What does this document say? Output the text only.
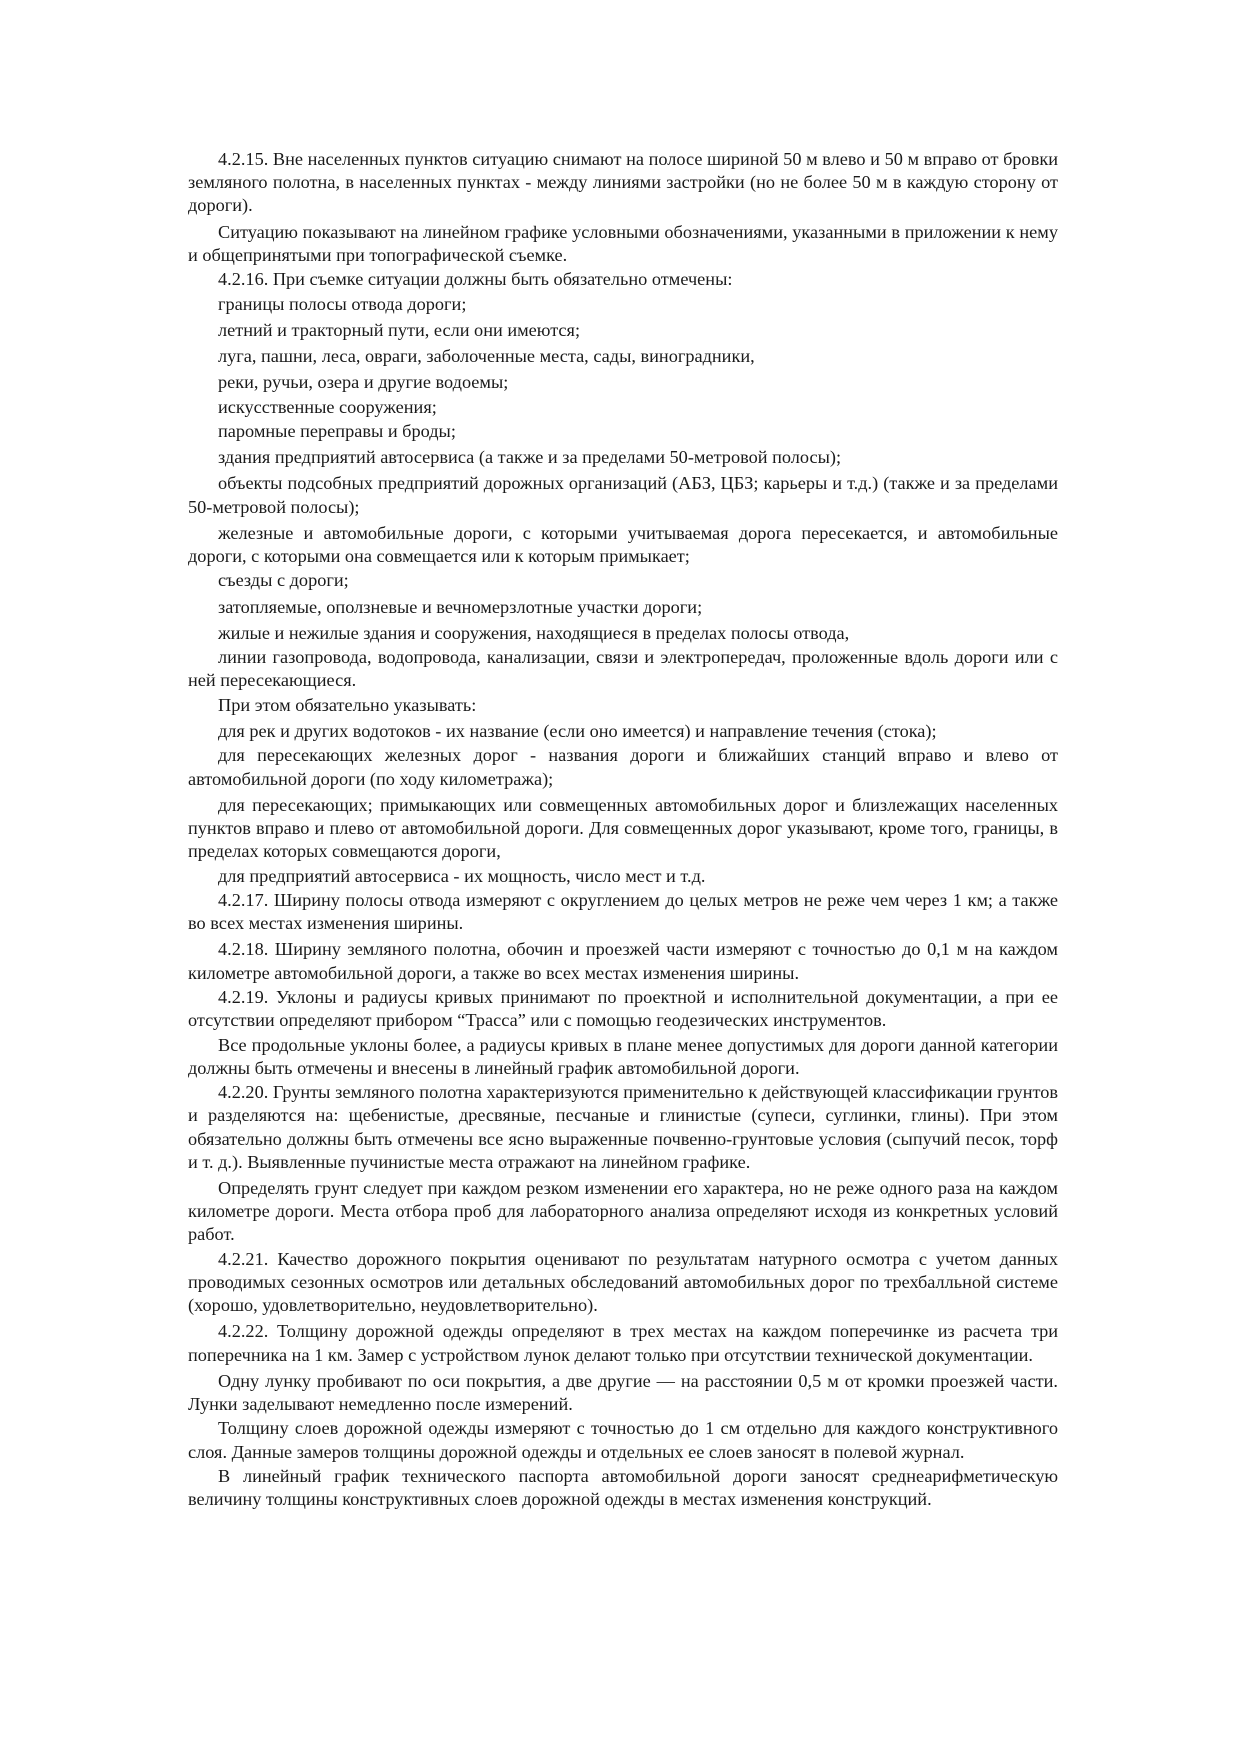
4.2.15. Вне населенных пунктов ситуацию снимают на полосе шириной 50 м влево и 50 м вправо от бровки земляного полотна, в населенных пунктах - между линиями застройки (но не более 50 м в каждую сторону от дороги).

Ситуацию показывают на линейном графике условными обозначениями, указанными в приложении к нему и общепринятыми при топографической съемке.

4.2.16. При съемке ситуации должны быть обязательно отмечены:

границы полосы отвода дороги;

летний и тракторный пути, если они имеются;

луга, пашни, леса, овраги, заболоченные места, сады, виноградники,

реки, ручьи, озера и другие водоемы;

искусственные сооружения;

паромные переправы и броды;

здания предприятий автосервиса (а также и за пределами 50-метровой полосы);

объекты подсобных предприятий дорожных организаций (АБЗ, ЦБЗ; карьеры и т.д.) (также и за пределами 50-метровой полосы);

железные и автомобильные дороги, с которыми учитываемая дорога пересекается, и автомобильные дороги, с которыми она совмещается или к которым примыкает;

съезды с дороги;

затопляемые, оползневые и вечномерзлотные участки дороги;

жилые и нежилые здания и сооружения, находящиеся в пределах полосы отвода,

линии газопровода, водопровода, канализации, связи и электропередач, проложенные вдоль дороги или с ней пересекающиеся.

При этом обязательно указывать:

для рек и других водотоков - их название (если оно имеется) и направление течения (стока);

для пересекающих железных дорог - названия дороги и ближайших станций вправо и влево от автомобильной дороги (по ходу километража);

для пересекающих; примыкающих или совмещенных автомобильных дорог и близлежащих населенных пунктов вправо и плево от автомобильной дороги. Для совмещенных дорог указывают, кроме того, границы, в пределах которых совмещаются дороги,

для предприятий автосервиса - их мощность, число мест и т.д.

4.2.17. Ширину полосы отвода измеряют с округлением до целых метров не реже чем через 1 км; а также во всех местах изменения ширины.

4.2.18. Ширину земляного полотна, обочин и проезжей части измеряют с точностью до 0,1 м на каждом километре автомобильной дороги, а также во всех местах изменения ширины.

4.2.19. Уклоны и радиусы кривых принимают по проектной и исполнительной документации, а при ее отсутствии определяют прибором “Трасса” или с помощью геодезических инструментов.

Все продольные уклоны более, а радиусы кривых в плане менее допустимых для дороги данной категории должны быть отмечены и внесены в линейный график автомобильной дороги.

4.2.20. Грунты земляного полотна характеризуются применительно к действующей классификации грунтов и разделяются на: щебенистые, дресвяные, песчаные и глинистые (супеси, суглинки, глины). При этом обязательно должны быть отмечены все ясно выраженные почвенно-грунтовые условия (сыпучий песок, торф и т. д.). Выявленные пучинистые места отражают на линейном графике.

Определять грунт следует при каждом резком изменении его характера, но не реже одного раза на каждом километре дороги. Места отбора проб для лабораторного анализа определяют исходя из конкретных условий работ.

4.2.21. Качество дорожного покрытия оценивают по результатам натурного осмотра с учетом данных проводимых сезонных осмотров или детальных обследований автомобильных дорог по трехбалльной системе (хорошо, удовлетворительно, неудовлетворительно).

4.2.22. Толщину дорожной одежды определяют в трех местах на каждом поперечинке из расчета три поперечника на 1 км. Замер с устройством лунок делают только при отсутствии технической документации.

Одну лунку пробивают по оси покрытия, а две другие — на расстоянии 0,5 м от кромки проезжей части. Лунки заделывают немедленно после измерений.

Толщину слоев дорожной одежды измеряют с точностью до 1 см отдельно для каждого конструктивного слоя. Данные замеров толщины дорожной одежды и отдельных ее слоев заносят в полевой журнал.

В линейный график технического паспорта автомобильной дороги заносят среднеарифметическую величину толщины конструктивных слоев дорожной одежды в местах изменения конструкций.
